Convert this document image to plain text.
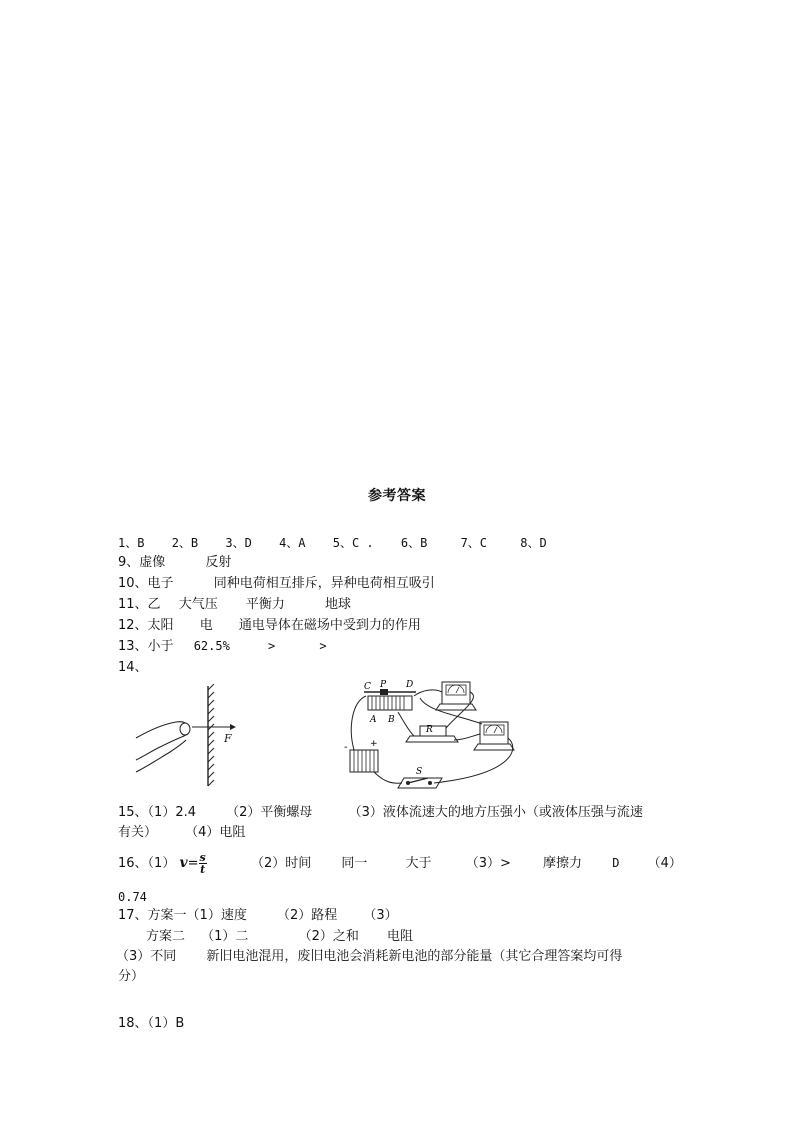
参考答案
1、B 2、B 3、D 4、A 5、C . 6、B	7、C	8、D
9、虚像	反射
10、电子	同种电荷相互排斥，异种电荷相互吸引
11、乙 大气压 平衡力	地球
12、太阳 电 通电导体在磁场中受到力的作用
13、小于 62.5%	>	>
14、
F
C P D
A B
R
- +
S
15、（1）2.4 （2）平衡螺母	（3）液体流速大的地方压强小（或液体压强与流速
有关） （4）电阻
16、（1） $v= \frac{s}{t}$	（2）时间 同一	大于	（3）> 摩擦力	D （4）
0.74
17、方案一（1）速度 （2）路程 （3）
方案二 （1）二	（2）之和 电阻
（3）不同 新旧电池混用，废旧电池会消耗新电池的部分能量（其它合理答案均可得
分）
18、（1）B
